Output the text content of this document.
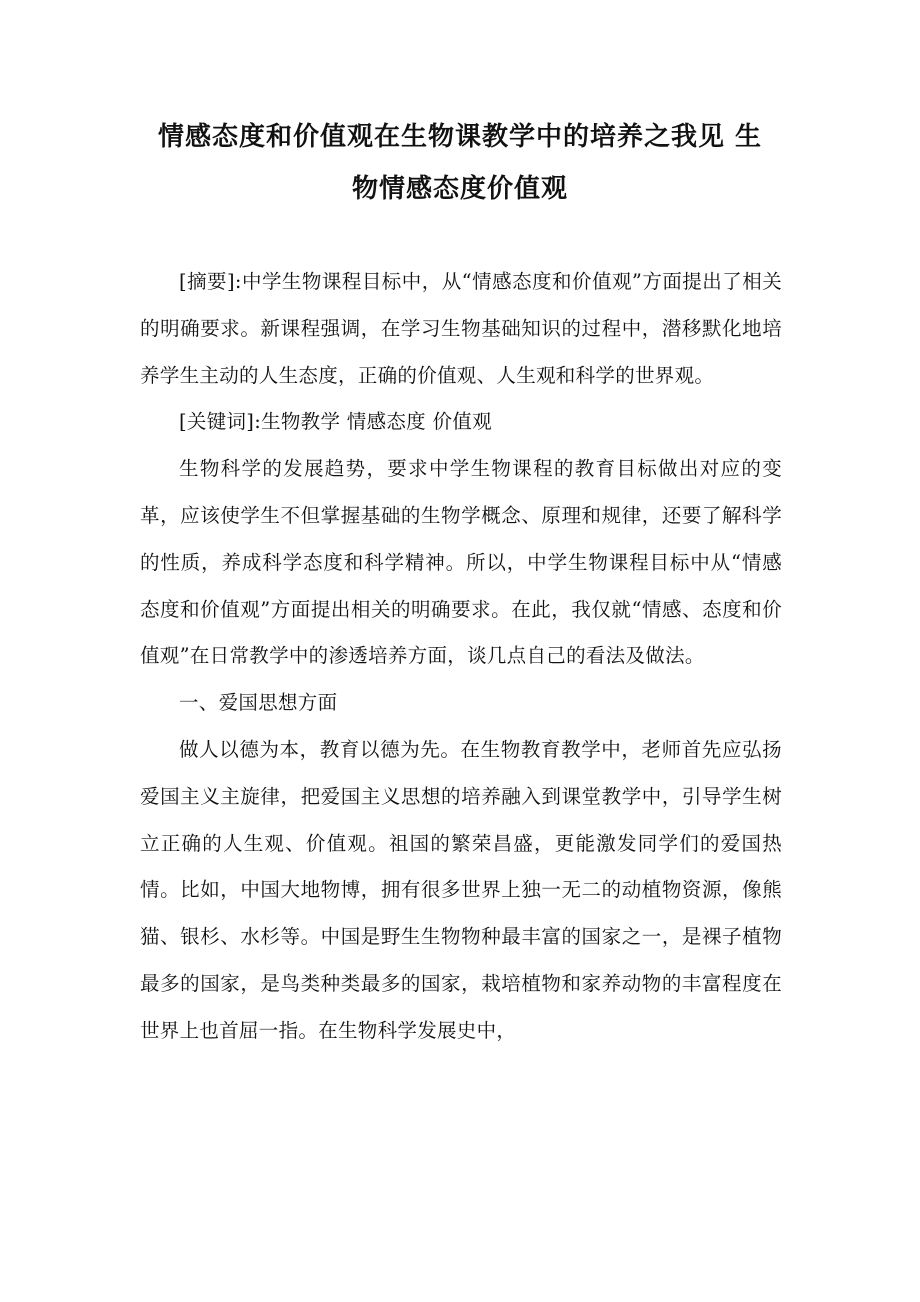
情感态度和价值观在生物课教学中的培养之我见 生
物情感态度价值观

[摘要]:中学生物课程目标中，从“情感态度和价值观”方面提出了相关的明确要求。新课程强调，在学习生物基础知识的过程中，潜移默化地培养学生主动的人生态度，正确的价值观、人生观和科学的世界观。

[关键词]:生物教学 情感态度 价值观

生物科学的发展趋势，要求中学生物课程的教育目标做出对应的变革，应该使学生不但掌握基础的生物学概念、原理和规律，还要了解科学的性质，养成科学态度和科学精神。所以，中学生物课程目标中从“情感态度和价值观”方面提出相关的明确要求。在此，我仅就“情感、态度和价值观”在日常教学中的渗透培养方面，谈几点自己的看法及做法。

一、爱国思想方面

做人以德为本，教育以德为先。在生物教育教学中，老师首先应弘扬爱国主义主旋律，把爱国主义思想的培养融入到课堂教学中，引导学生树立正确的人生观、价值观。祖国的繁荣昌盛，更能激发同学们的爱国热情。比如，中国大地物博，拥有很多世界上独一无二的动植物资源，像熊猫、银杉、水杉等。中国是野生生物物种最丰富的国家之一，是裸子植物最多的国家，是鸟类种类最多的国家，栽培植物和家养动物的丰富程度在世界上也首屈一指。在生物科学发展史中，
